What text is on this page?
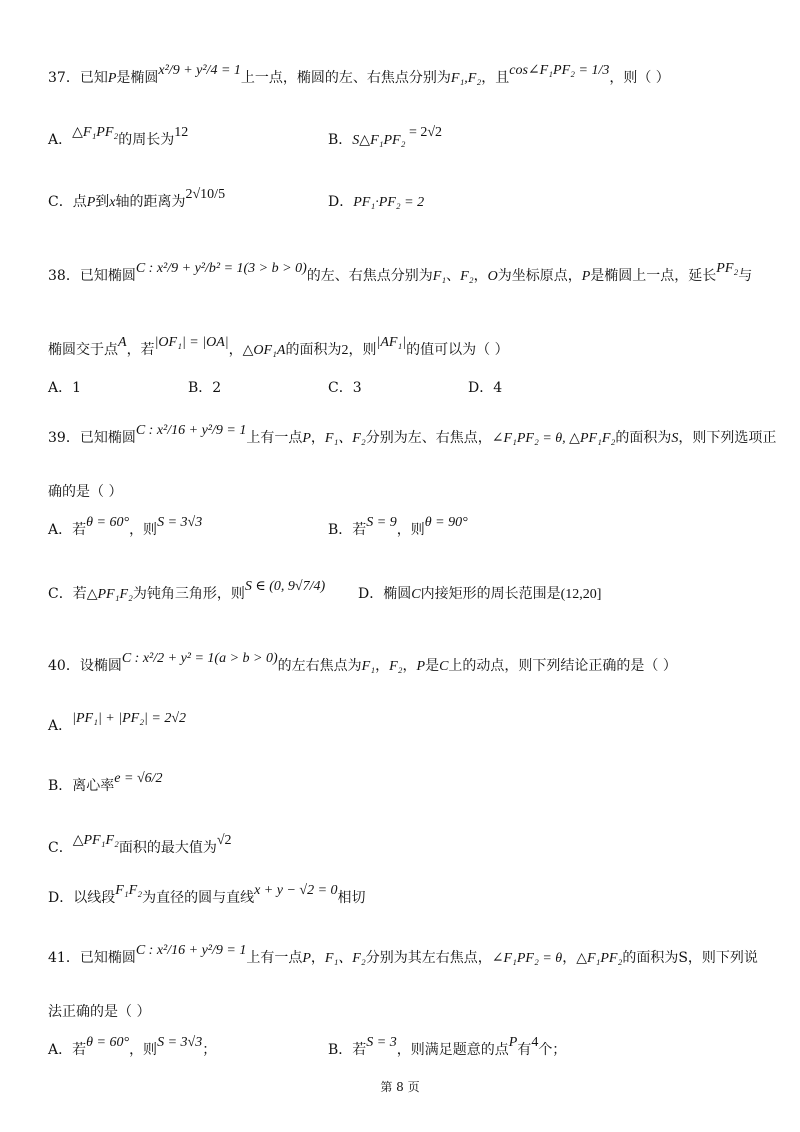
37．已知P是椭圆x²/9 + y²/4 = 1上一点，椭圆的左、右焦点分别为F₁,F₂，且cos∠F₁PF₂ = 1/3，则（ ）
A．△F₁PF₂的周长为12	B．S△F₁PF₂ = 2√2
C．点P到x轴的距离为2√10/5	D．PF₁·PF₂ = 2
38．已知椭圆C : x²/9 + y²/b² = 1(3 > b > 0)的左、右焦点分别为F₁、F₂，O为坐标原点，P是椭圆上一点，延长PF₂与
椭圆交于点A，若|OF₁| = |OA|，△OF₁A的面积为2，则|AF₁|的值可以为（ ）
A．1	B．2	C．3	D．4
39．已知椭圆C : x²/16 + y²/9 = 1上有一点P，F₁、F₂分别为左、右焦点，∠F₁PF₂ = θ, △PF₁F₂的面积为S，则下列选项正
确的是（ ）
A．若θ = 60°，则S = 3√3	B．若S = 9，则θ = 90°
C．若△PF₁F₂为钝角三角形，则S ∈ (0, 9√7/4) D．椭圆C内接矩形的周长范围是(12,20]
40．设椭圆C : x²/2 + y² = 1(a > b > 0)的左右焦点为F₁，F₂，P是C上的动点，则下列结论正确的是（ ）
A．|PF₁| + |PF₂| = 2√2
B．离心率e = √6/2
C．△PF₁F₂面积的最大值为√2
D．以线段F₁F₂为直径的圆与直线x + y − √2 = 0相切
41．已知椭圆C : x²/16 + y²/9 = 1上有一点P，F₁、F₂分别为其左右焦点，∠F₁PF₂ = θ，△F₁PF₂的面积为S，则下列说
法正确的是（ ）
A．若θ = 60°，则S = 3√3；	B．若S = 3，则满足题意的点P有4个；
第 8 页
